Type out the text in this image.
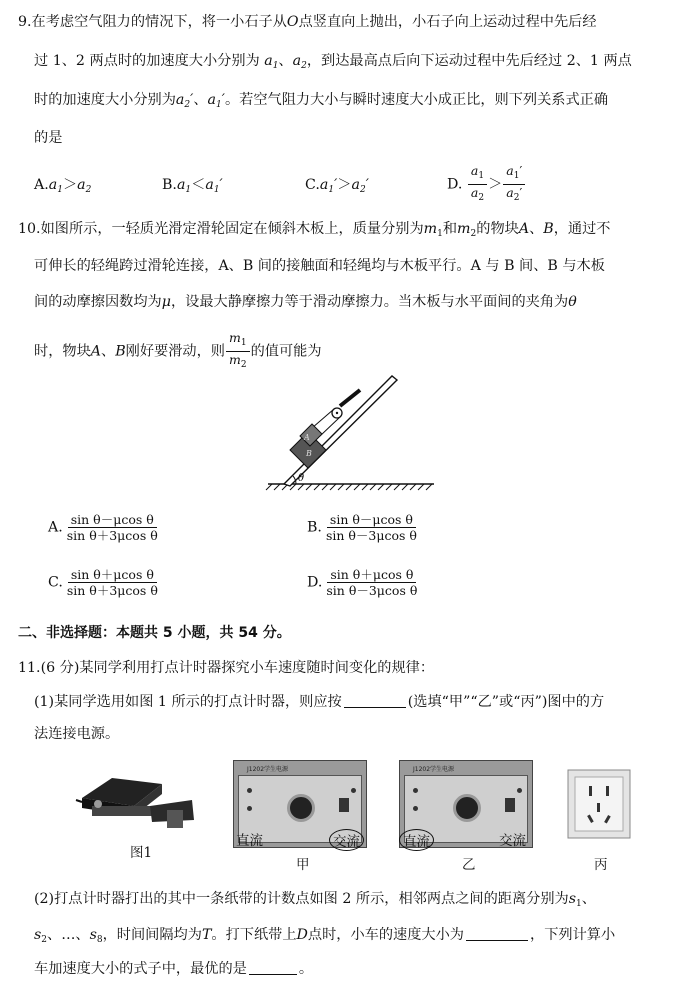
9.在考虑空气阻力的情况下，将一小石子从O点竖直向上抛出，小石子向上运动过程中先后经
过 1、2 两点时的加速度大小分别为 $a_1$、$a_2$，到达最高点后向下运动过程中先后经过 2、1 两点
时的加速度大小分别为$a_2'$、$a_1'$。若空气阻力大小与瞬时速度大小成正比，则下列关系式正确
的是
$A.a_1>a_2$	$B.a_1<a_1'$	$C.a_1'>a_2'$	D. $\frac{a_1}{a_2} > \frac{a_1'}{a_2'}$
10.如图所示，一轻质光滑定滑轮固定在倾斜木板上，质量分别为$m_1$和$m_2$的物块A、B，通过不
可伸长的轻绳跨过滑轮连接，A、B 间的接触面和轻绳均与木板平行。A 与 B 间、B 与木板
间的动摩擦因数均为μ，设最大静摩擦力等于滑动摩擦力。当木板与水平面间的夹角为θ
时，物块A、B刚好要滑动，则 $\frac{m_1}{m_2}$ 的值可能为
A
B
θ
A. $\frac{\text{sin θ－μcos θ}}{\text{sin θ＋3μcos θ}}$	B. $\frac{\text{sin θ－μcos θ}}{\text{sin θ－3μcos θ}}$
C. $\frac{\text{sin θ＋μcos θ}}{\text{sin θ＋3μcos θ}}$	D. $\frac{\text{sin θ＋μcos θ}}{\text{sin θ－3μcos θ}}$
二、非选择题：本题共 5 小题，共 54 分。
11.(6 分)某同学利用打点计时器探究小车速度随时间变化的规律：
(1)某同学选用如图 1 所示的打点计时器，则应按	(选填“甲”“乙”或“丙”)图中的方
法连接电源。
图1
J1202学生电源
直流	交流
甲
J1202学生电源
直流	交流
乙	丙
(2)打点计时器打出的其中一条纸带的计数点如图 2 所示，相邻两点之间的距离分别为$s_1$、
$s_2$、…、$s_8$，时间间隔均为T。打下纸带上D点时，小车的速度大小为	，下列计算小
车加速度大小的式子中，最优的是	。
